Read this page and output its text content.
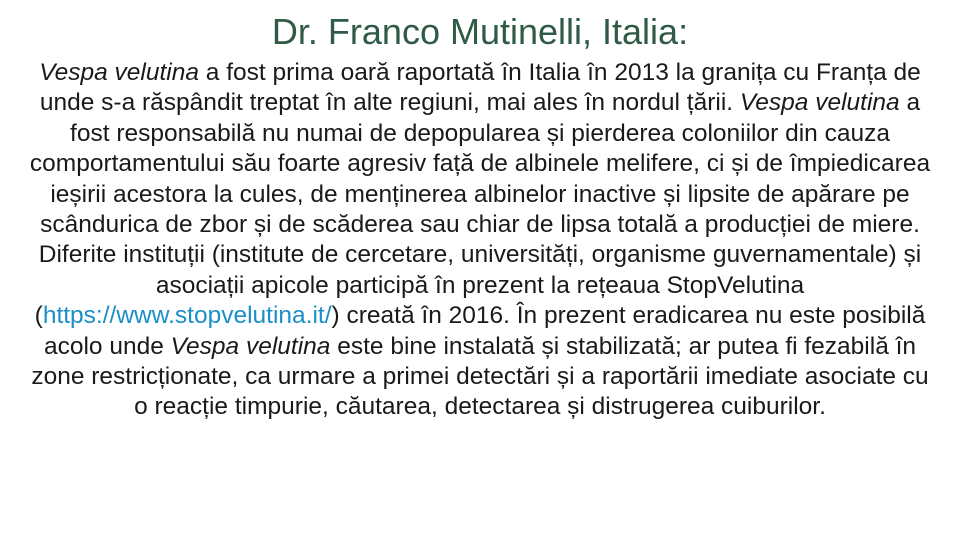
Dr. Franco Mutinelli, Italia:
Vespa velutina a fost prima oară raportată în Italia în 2013 la granița cu Franța de unde s-a răspândit treptat în alte regiuni, mai ales în nordul țării. Vespa velutina a fost responsabilă nu numai de depopularea și pierderea coloniilor din cauza comportamentului său foarte agresiv față de albinele melifere, ci și de împiedicarea ieșirii acestora la cules, de menținerea albinelor inactive și lipsite de apărare pe scândurica de zbor și de scăderea sau chiar de lipsa totală a producției de miere. Diferite instituții (institute de cercetare, universități, organisme guvernamentale) și asociații apicole participă în prezent la rețeaua StopVelutina (https://www.stopvelutina.it/) creată în 2016. În prezent eradicarea nu este posibilă acolo unde Vespa velutina este bine instalată și stabilizată; ar putea fi fezabilă în zone restricționate, ca urmare a primei detectări și a raportării imediate asociate cu o reacție timpurie, căutarea, detectarea și distrugerea cuiburilor.
